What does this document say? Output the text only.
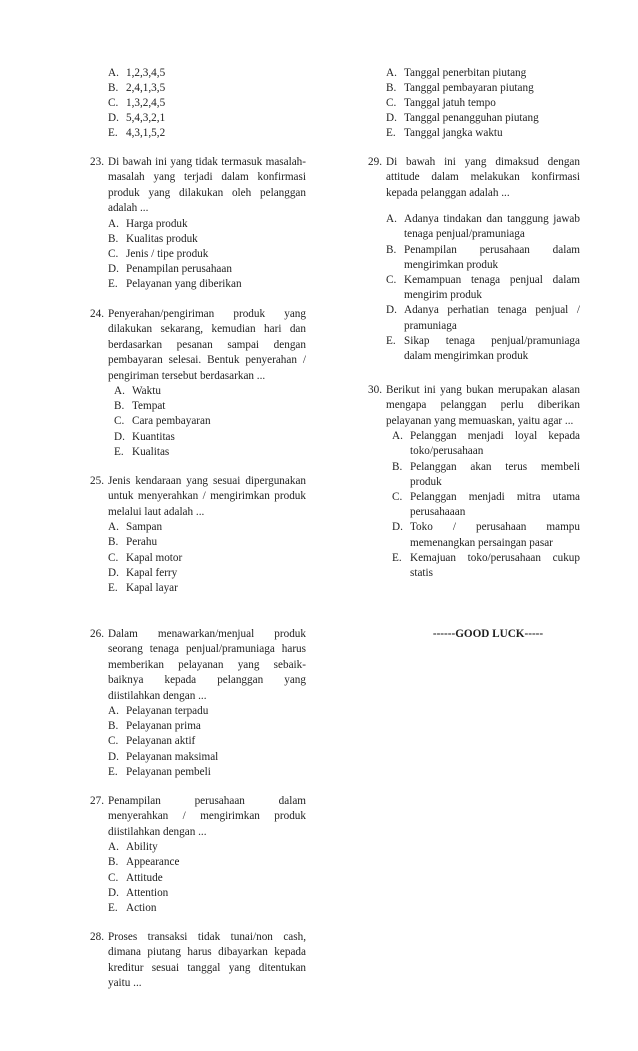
A. 1,2,3,4,5
B. 2,4,1,3,5
C. 1,3,2,4,5
D. 5,4,3,2,1
E. 4,3,1,5,2
23. Di bawah ini yang tidak termasuk masalah-masalah yang terjadi dalam konfirmasi produk yang dilakukan oleh pelanggan adalah ...
A. Harga produk
B. Kualitas produk
C. Jenis / tipe produk
D. Penampilan perusahaan
E. Pelayanan yang diberikan
24. Penyerahan/pengiriman produk yang dilakukan sekarang, kemudian hari dan berdasarkan pesanan sampai dengan pembayaran selesai. Bentuk penyerahan / pengiriman tersebut berdasarkan ...
A. Waktu
B. Tempat
C. Cara pembayaran
D. Kuantitas
E. Kualitas
25. Jenis kendaraan yang sesuai dipergunakan untuk menyerahkan / mengirimkan produk melalui laut adalah ...
A. Sampan
B. Perahu
C. Kapal motor
D. Kapal ferry
E. Kapal layar
26. Dalam menawarkan/menjual produk seorang tenaga penjual/pramuniaga harus memberikan pelayanan yang sebaik-baiknya kepada pelanggan yang diistilahkan dengan ...
A. Pelayanan terpadu
B. Pelayanan prima
C. Pelayanan aktif
D. Pelayanan maksimal
E. Pelayanan pembeli
27. Penampilan perusahaan dalam menyerahkan / mengirimkan produk diistilahkan dengan ...
A. Ability
B. Appearance
C. Attitude
D. Attention
E. Action
28. Proses transaksi tidak tunai/non cash, dimana piutang harus dibayarkan kepada kreditur sesuai tanggal yang ditentukan yaitu ...
A. Tanggal penerbitan piutang
B. Tanggal pembayaran piutang
C. Tanggal jatuh tempo
D. Tanggal penangguhan piutang
E. Tanggal jangka waktu
29. Di bawah ini yang dimaksud dengan attitude dalam melakukan konfirmasi kepada pelanggan adalah ...
A. Adanya tindakan dan tanggung jawab tenaga penjual/pramuniaga
B. Penampilan perusahaan dalam mengirimkan produk
C. Kemampuan tenaga penjual dalam mengirim produk
D. Adanya perhatian tenaga penjual / pramuniaga
E. Sikap tenaga penjual/pramuniaga dalam mengirimkan produk
30. Berikut ini yang bukan merupakan alasan mengapa pelanggan perlu diberikan pelayanan yang memuaskan, yaitu agar ...
A. Pelanggan menjadi loyal kepada toko/perusahaan
B. Pelanggan akan terus membeli produk
C. Pelanggan menjadi mitra utama perusahaaan
D. Toko / perusahaan mampu memenangkan persaingan pasar
E. Kemajuan toko/perusahaan cukup statis
------GOOD LUCK-----
